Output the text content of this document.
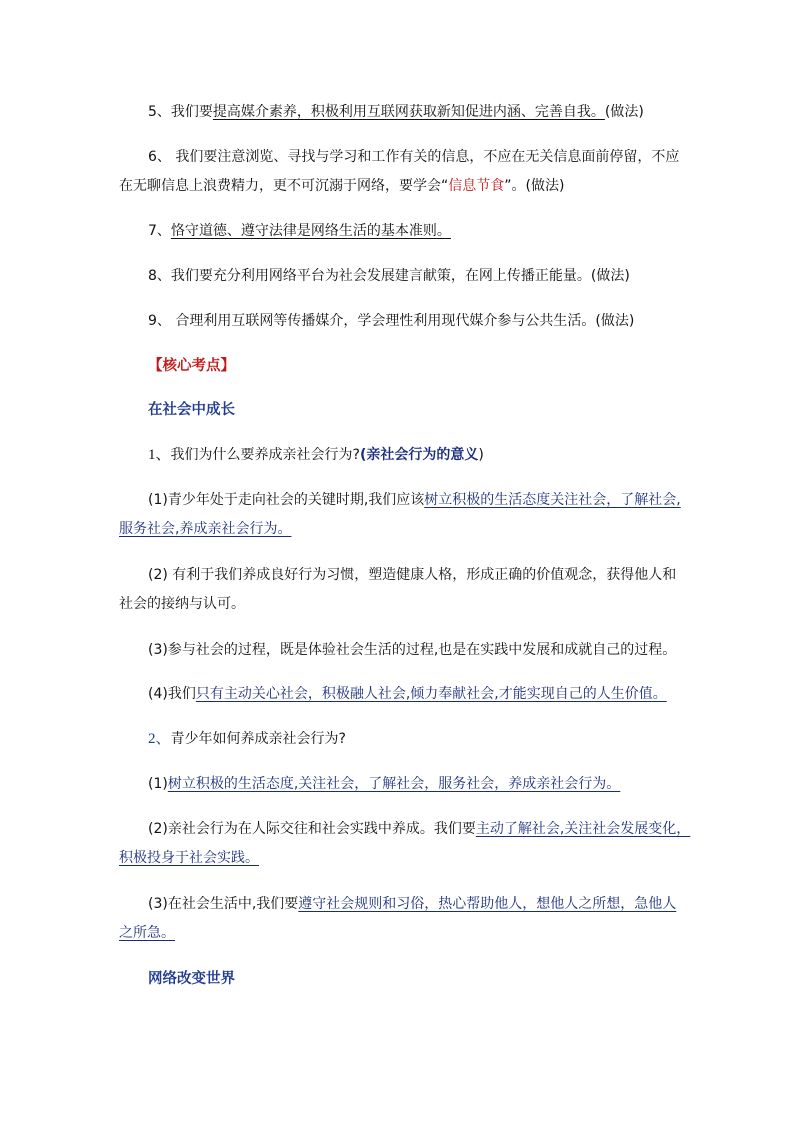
5、我们要提高媒介素养，积极利用互联网获取新知促进内涵、完善自我。(做法)
6、 我们要注意浏览、寻找与学习和工作有关的信息，不应在无关信息面前停留，不应
在无聊信息上浪费精力，更不可沉溺于网络，要学会“信息节食”。(做法)
7、恪守道德、遵守法律是网络生活的基本准则。
8、我们要充分利用网络平台为社会发展建言献策，在网上传播正能量。(做法)
9、 合理利用互联网等传播媒介，学会理性利用现代媒介参与公共生活。(做法)
【核心考点】
在社会中成长
1、我们为什么要养成亲社会行为?(亲社会行为的意义)
(1)青少年处于走向社会的关键时期,我们应该树立积极的生活态度关注社会，了解社会,
服务社会,养成亲社会行为。
(2) 有利于我们养成良好行为习惯，塑造健康人格，形成正确的价值观念，获得他人和
社会的接纳与认可。
(3)参与社会的过程，既是体验社会生活的过程,也是在实践中发展和成就自己的过程。
(4)我们只有主动关心社会，积极融人社会,倾力奉献社会,才能实现自己的人生价值。
2、青少年如何养成亲社会行为?
(1)树立积极的生活态度,关注社会，了解社会，服务社会，养成亲社会行为。
(2)亲社会行为在人际交往和社会实践中养成。我们要主动了解社会,关注社会发展变化，
积极投身于社会实践。
(3)在社会生活中,我们要遵守社会规则和习俗，热心帮助他人，想他人之所想，急他人
之所急。
网络改变世界
